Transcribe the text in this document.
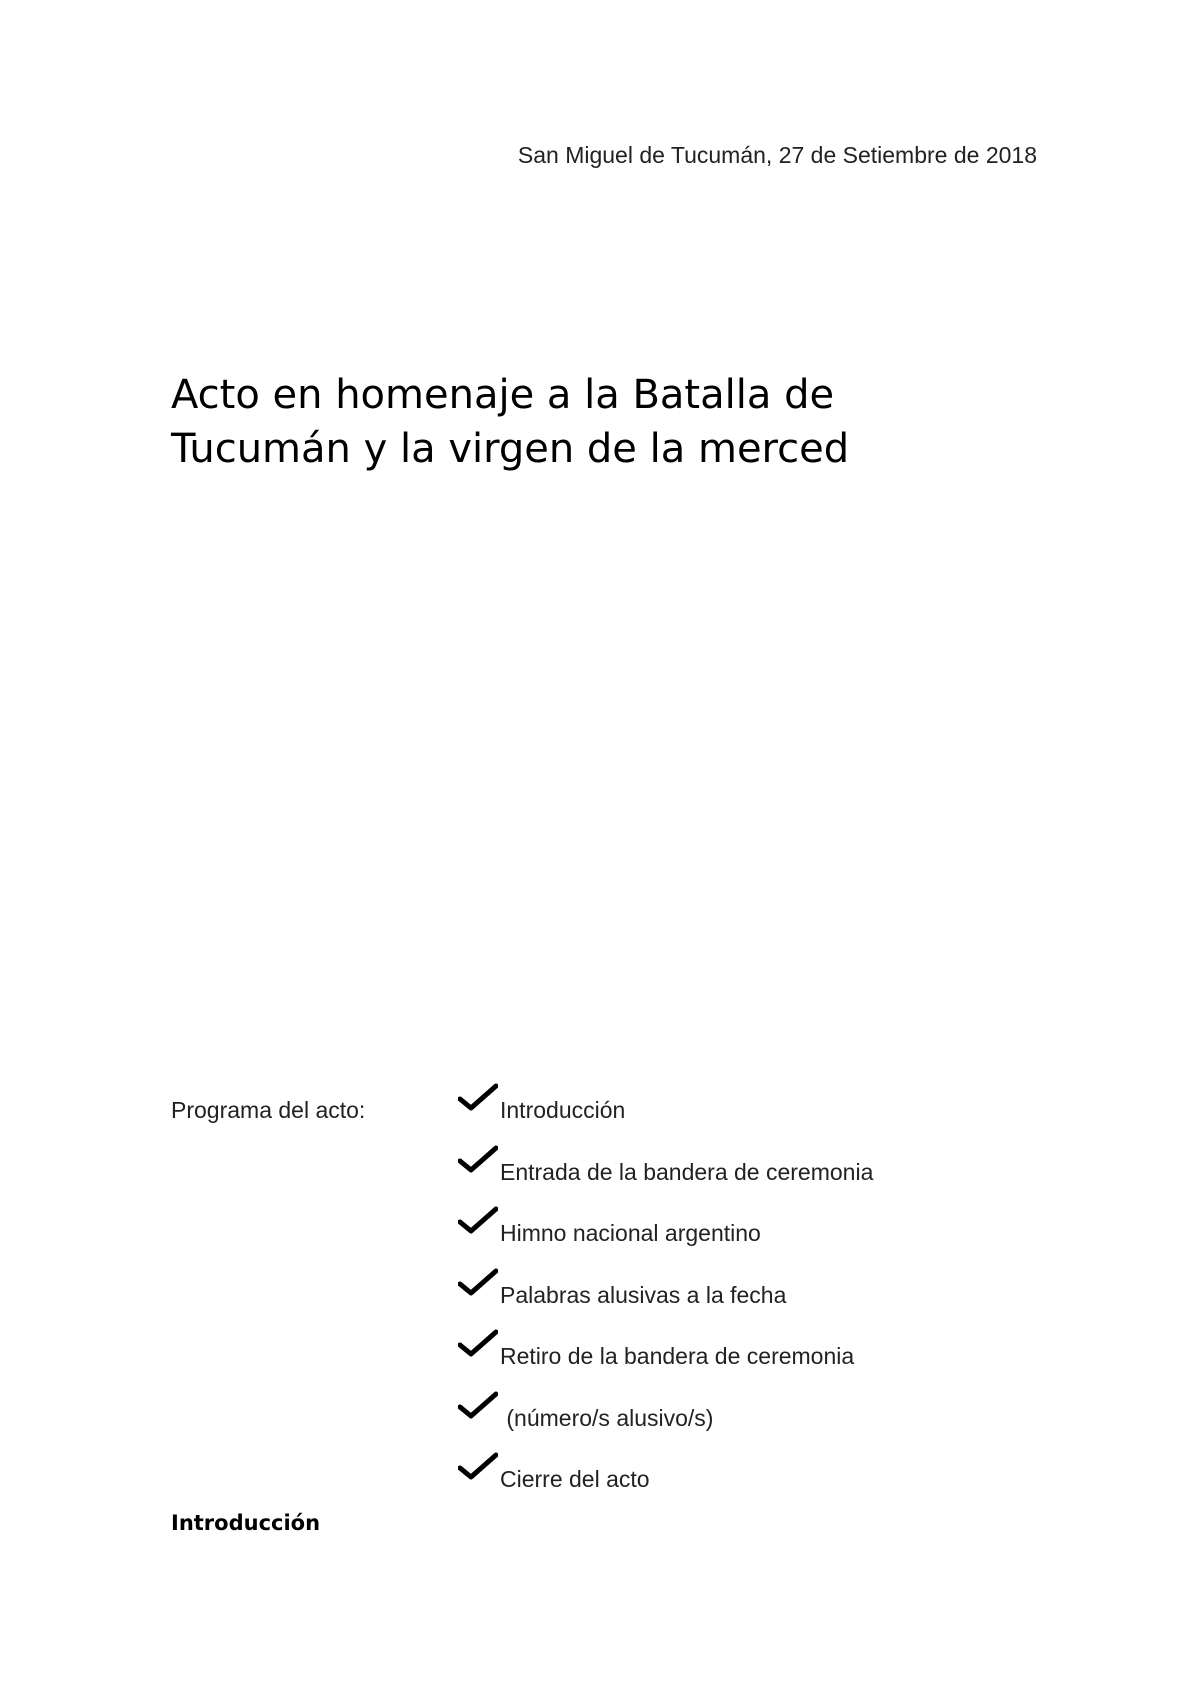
San Miguel de Tucumán, 27 de Setiembre de 2018
Acto en homenaje a la Batalla de
Tucumán y la virgen de la merced
Programa del acto:	Introducción
Entrada de la bandera de ceremonia
Himno nacional argentino
Palabras alusivas a la fecha
Retiro de la bandera de ceremonia
(número/s alusivo/s)
Cierre del acto
Introducción
